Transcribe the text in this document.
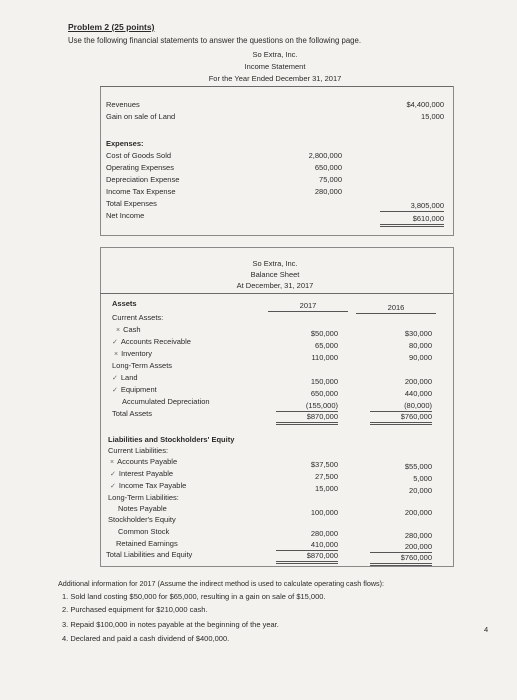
Problem 2 (25 points)
Use the following financial statements to answer the questions on the following page.
So Extra, Inc.
Income Statement
For the Year Ended December 31, 2017
Revenues	$4,400,000
Gain on sale of Land	15,000
Expenses:
Cost of Goods Sold	2,800,000
Operating Expenses	650,000
Depreciation Expense	75,000
Income Tax Expense	280,000
Total Expenses	3,805,000
Net Income	$610,000
So Extra, Inc.
Balance Sheet
At December, 31, 2017
Assets	2017	2016
Current Assets:
× Cash	$50,000	$30,000
✓ Accounts Receivable	65,000	80,000
× Inventory	110,000	90,000
Long-Term Assets
✓ Land	150,000	200,000
✓ Equipment	650,000	440,000
Accumulated Depreciation	(155,000)	(80,000)
Total Assets	$870,000	$760,000
Liabilities and Stockholders' Equity
Current Liabilities:
× Accounts Payable	$37,500	$55,000
✓ Interest Payable	27,500	5,000
✓ Income Tax Payable	15,000	20,000
Long-Term Liabilities:
Notes Payable	100,000	200,000
Stockholder's Equity
Common Stock	280,000	280,000
Retained Earnings	410,000	200,000
Total Liabilities and Equity	$870,000	$760,000
Additional information for 2017 (Assume the indirect method is used to calculate operating cash flows):
1. Sold land costing $50,000 for $65,000, resulting in a gain on sale of $15,000.
2. Purchased equipment for $210,000 cash.
3. Repaid $100,000 in notes payable at the beginning of the year.
4. Declared and paid a cash dividend of $400,000.
4
